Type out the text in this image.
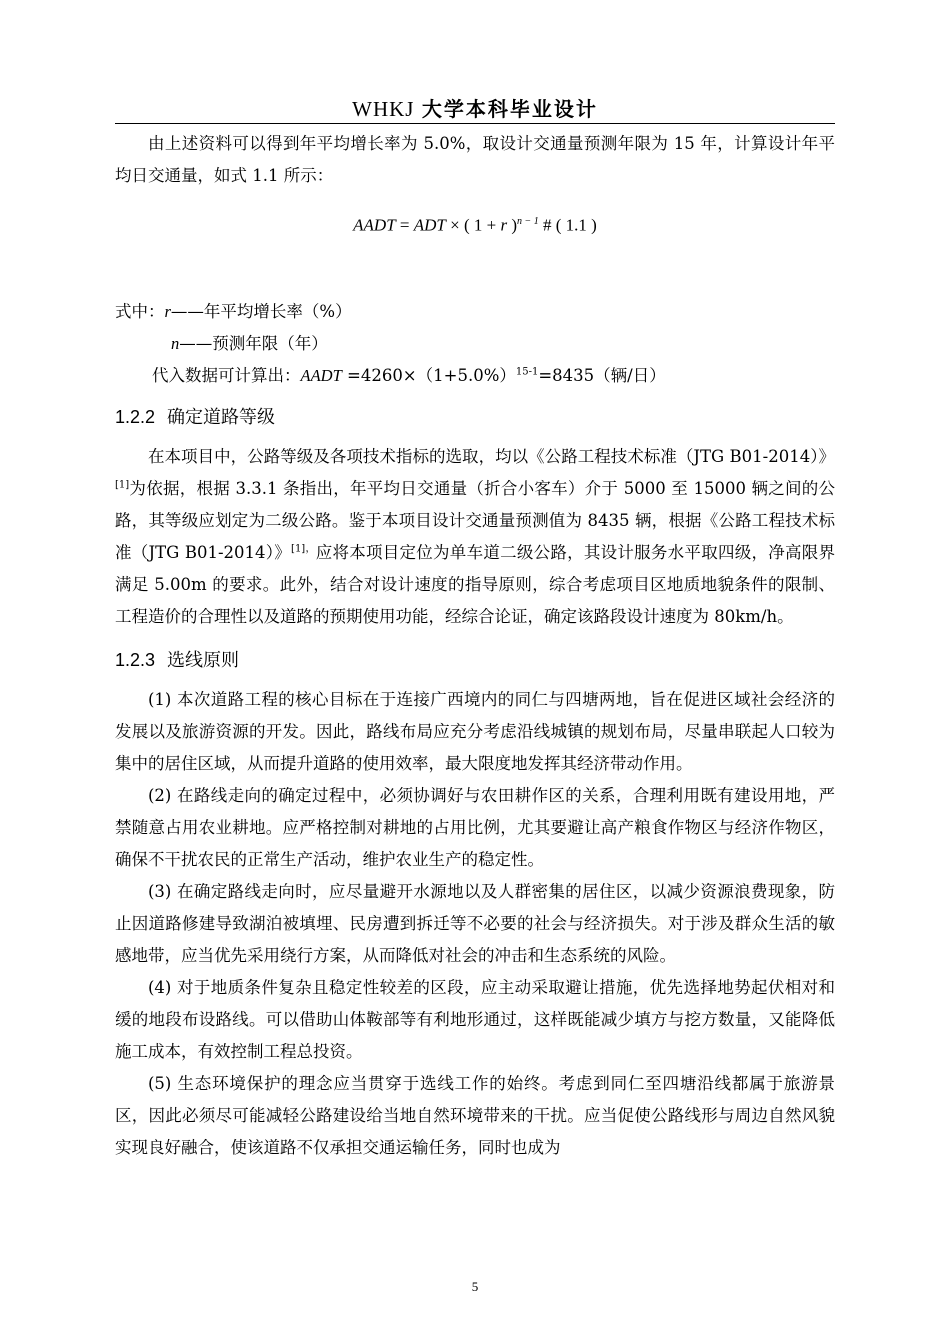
WHKJ 大学本科毕业设计

由上述资料可以得到年平均增长率为 5.0%，取设计交通量预测年限为 15 年，计算设计年平均日交通量，如式 1.1 所示：

AADT = ADT × ( 1 + r )$^{n - 1}$ # ( 1.1 )

式中：r——年平均增长率（%）

n——预测年限（年）

代入数据可计算出：AADT $=4260\times(1+5.0\%)^{15-1}=8435$（辆/日）

1.2.2 确定道路等级

在本项目中，公路等级及各项技术指标的选取，均以《公路工程技术标准（JTG B01-2014）》[1]为依据，根据 3.3.1 条指出，年平均日交通量（折合小客车）介于 5000 至 15000 辆之间的公路，其等级应划定为二级公路。鉴于本项目设计交通量预测值为 8435 辆，根据《公路工程技术标准（JTG B01-2014）》$^{[1],}$应将本项目定位为单车道二级公路，其设计服务水平取四级，净高限界满足 5.00m 的要求。此外，结合对设计速度的指导原则，综合考虑项目区地质地貌条件的限制、工程造价的合理性以及道路的预期使用功能，经综合论证，确定该路段设计速度为 80km/h。

1.2.3 选线原则

(1) 本次道路工程的核心目标在于连接广西境内的同仁与四塘两地，旨在促进区域社会经济的发展以及旅游资源的开发。因此，路线布局应充分考虑沿线城镇的规划布局，尽量串联起人口较为集中的居住区域，从而提升道路的使用效率，最大限度地发挥其经济带动作用。

(2) 在路线走向的确定过程中，必须协调好与农田耕作区的关系，合理利用既有建设用地，严禁随意占用农业耕地。应严格控制对耕地的占用比例，尤其要避让高产粮食作物区与经济作物区，确保不干扰农民的正常生产活动，维护农业生产的稳定性。

(3) 在确定路线走向时，应尽量避开水源地以及人群密集的居住区，以减少资源浪费现象，防止因道路修建导致湖泊被填埋、民房遭到拆迁等不必要的社会与经济损失。对于涉及群众生活的敏感地带，应当优先采用绕行方案，从而降低对社会的冲击和生态系统的风险。

(4) 对于地质条件复杂且稳定性较差的区段，应主动采取避让措施，优先选择地势起伏相对和缓的地段布设路线。可以借助山体鞍部等有利地形通过，这样既能减少填方与挖方数量，又能降低施工成本，有效控制工程总投资。

(5) 生态环境保护的理念应当贯穿于选线工作的始终。考虑到同仁至四塘沿线都属于旅游景区，因此必须尽可能减轻公路建设给当地自然环境带来的干扰。应当促使公路线形与周边自然风貌实现良好融合，使该道路不仅承担交通运输任务，同时也成为

5
